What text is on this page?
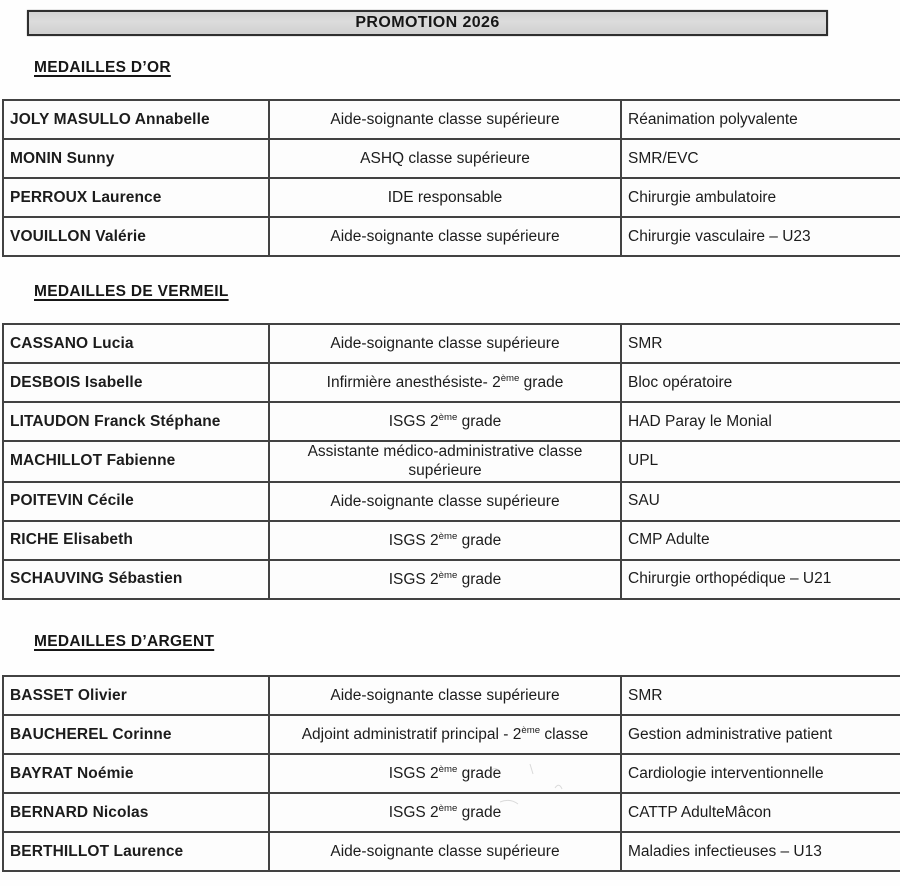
PROMOTION 2026
MEDAILLES D’OR
JOLY MASULLO Annabelle	Aide-soignante classe supérieure	Réanimation polyvalente
MONIN Sunny	ASHQ classe supérieure	SMR/EVC
PERROUX Laurence	IDE responsable	Chirurgie ambulatoire
VOUILLON Valérie	Aide-soignante classe supérieure	Chirurgie vasculaire – U23
MEDAILLES DE VERMEIL
CASSANO Lucia	Aide-soignante classe supérieure	SMR
DESBOIS Isabelle	Infirmière anesthésiste- 2ème grade	Bloc opératoire
LITAUDON Franck Stéphane	ISGS 2ème grade	HAD Paray le Monial
MACHILLOT Fabienne	Assistante médico-administrative classe supérieure	UPL
POITEVIN Cécile	Aide-soignante classe supérieure	SAU
RICHE Elisabeth	ISGS 2ème grade	CMP Adulte
SCHAUVING Sébastien	ISGS 2ème grade	Chirurgie orthopédique – U21
MEDAILLES D’ARGENT
BASSET Olivier	Aide-soignante classe supérieure	SMR
BAUCHEREL Corinne	Adjoint administratif principal - 2ème classe	Gestion administrative patient
BAYRAT Noémie	ISGS 2ème grade	Cardiologie interventionnelle
BERNARD Nicolas	ISGS 2ème grade	CATTP AdulteMâcon
BERTHILLOT Laurence	Aide-soignante classe supérieure	Maladies infectieuses – U13
